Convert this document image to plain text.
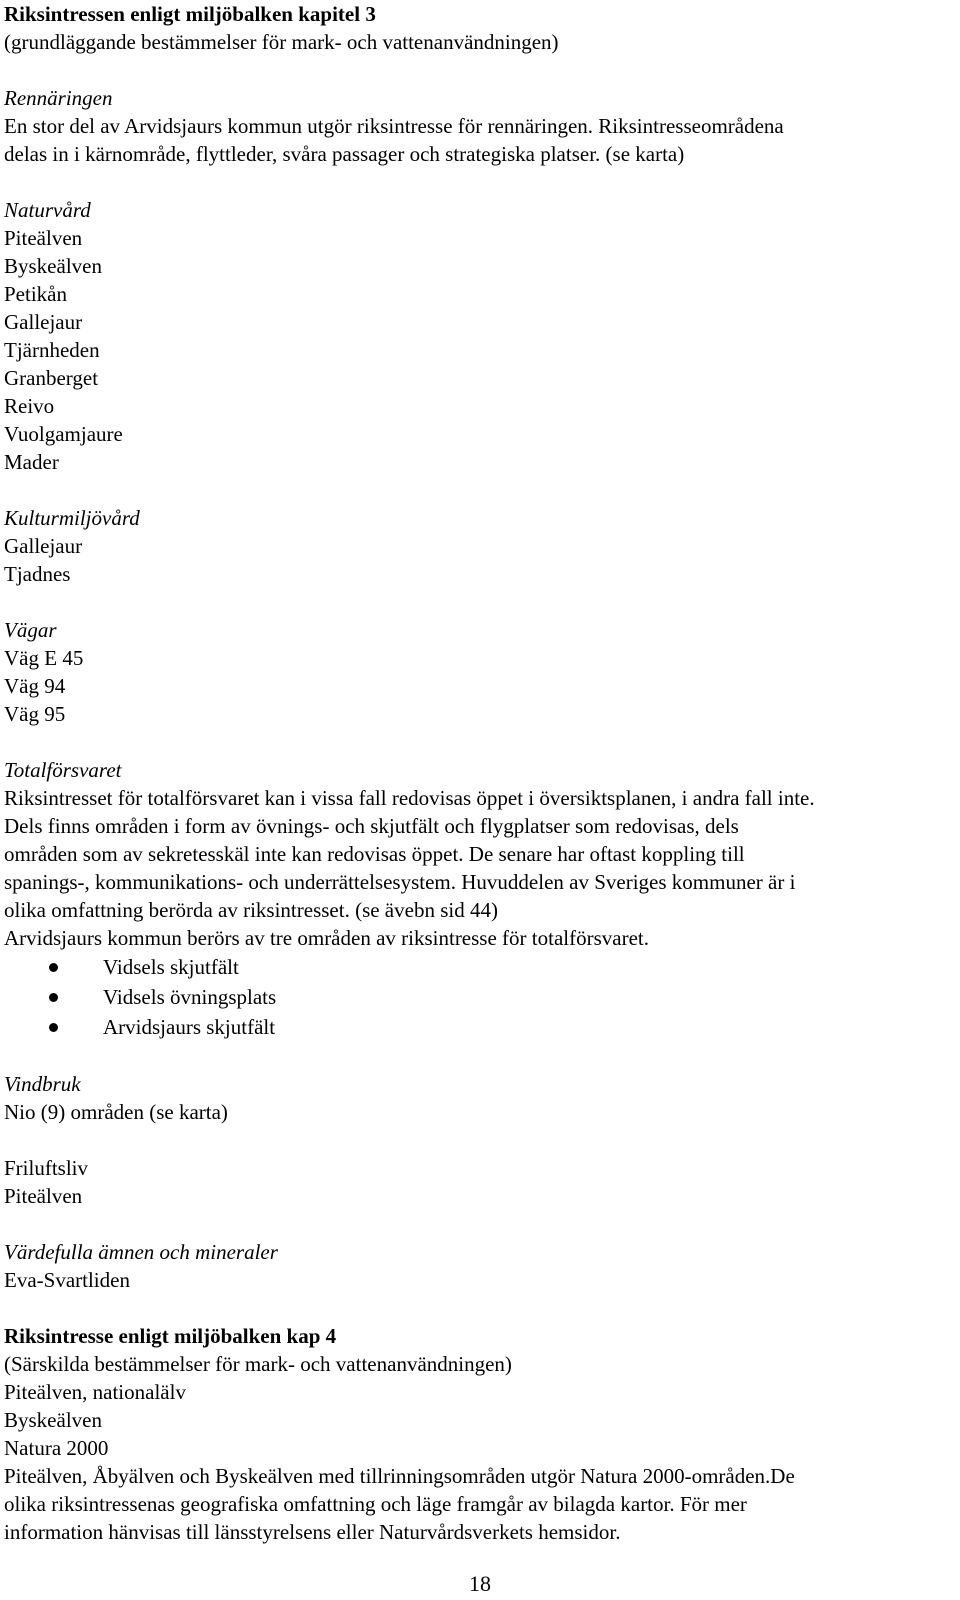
Riksintressen enligt miljöbalken kapitel 3
(grundläggande bestämmelser för mark- och vattenanvändningen)
Rennäringen
En stor del av Arvidsjaurs kommun utgör riksintresse för rennäringen. Riksintresseområdena
delas in i kärnområde, flyttleder, svåra passager och strategiska platser. (se karta)
Naturvård
Piteälven
Byskeälven
Petikån
Gallejaur
Tjärnheden
Granberget
Reivo
Vuolgamjaure
Mader
Kulturmiljövård
Gallejaur
Tjadnes
Vägar
Väg E 45
Väg 94
Väg 95
Totalförsvaret
Riksintresset för totalförsvaret kan i vissa fall redovisas öppet i översiktsplanen, i andra fall inte.
Dels finns områden i form av övnings- och skjutfält och flygplatser som redovisas, dels
områden som av sekretesskäl inte kan redovisas öppet. De senare har oftast koppling till
spanings-, kommunikations- och underrättelsesystem. Huvuddelen av Sveriges kommuner är i
olika omfattning berörda av riksintresset. (se ävebn sid 44)
Arvidsjaurs kommun berörs av tre områden av riksintresse för totalförsvaret.
Vidsels skjutfält
Vidsels övningsplats
Arvidsjaurs skjutfält
Vindbruk
Nio (9) områden (se karta)
Friluftsliv
Piteälven
Värdefulla ämnen och mineraler
Eva-Svartliden
Riksintresse enligt miljöbalken kap 4
(Särskilda bestämmelser för mark- och vattenanvändningen)
Piteälven, nationalälv
Byskeälven
Natura 2000
Piteälven, Åbyälven och Byskeälven med tillrinningsområden utgör Natura 2000-områden.De
olika riksintressenas geografiska omfattning och läge framgår av bilagda kartor. För mer
information hänvisas till länsstyrelsens eller Naturvårdsverkets hemsidor.
18
